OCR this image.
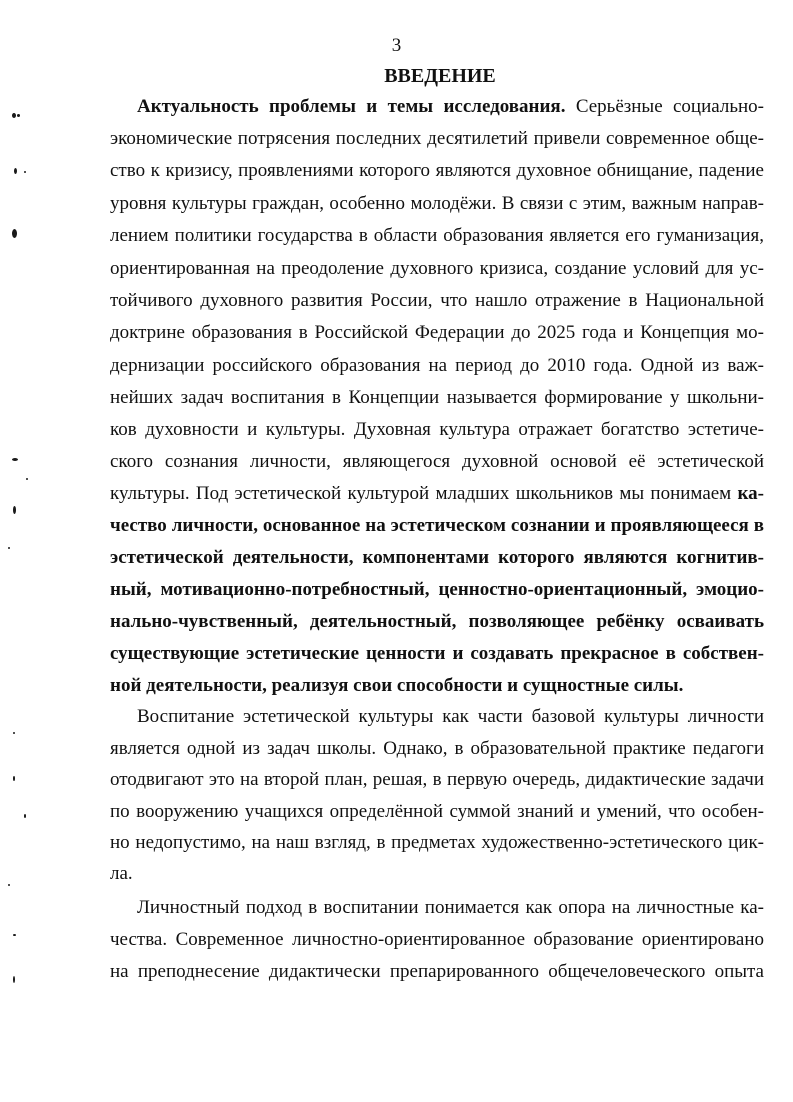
3
ВВЕДЕНИЕ
Актуальность проблемы и темы исследования. Серьёзные социально-
экономические потрясения последних десятилетий привели современное обще-
ство к кризису, проявлениями которого являются духовное обнищание, падение
уровня культуры граждан, особенно молодёжи. В связи с этим, важным направ-
лением политики государства в области образования является его гуманизация,
ориентированная на преодоление духовного кризиса, создание условий для ус-
тойчивого духовного развития России, что нашло отражение в Национальной
доктрине образования в Российской Федерации до 2025 года и Концепция мо-
дернизации российского образования на период до 2010 года. Одной из важ-
нейших задач воспитания в Концепции называется формирование у школьни-
ков духовности и культуры. Духовная культура отражает богатство эстетиче-
ского сознания личности, являющегося духовной основой её эстетической
культуры. Под эстетической культурой младших школьников мы понимаем ка-
чество личности, основанное на эстетическом сознании и проявляющееся в
эстетической деятельности, компонентами которого являются когнитив-
ный, мотивационно-потребностный, ценностно-ориентационный, эмоцио-
нально-чувственный, деятельностный, позволяющее ребёнку осваивать
существующие эстетические ценности и создавать прекрасное в собствен-
ной деятельности, реализуя свои способности и сущностные силы.
Воспитание эстетической культуры как части базовой культуры личности
является одной из задач школы. Однако, в образовательной практике педагоги
отодвигают это на второй план, решая, в первую очередь, дидактические задачи
по вооружению учащихся определённой суммой знаний и умений, что особен-
но недопустимо, на наш взгляд, в предметах художественно-эстетического цик-
ла.
Личностный подход в воспитании понимается как опора на личностные ка-
чества. Современное личностно-ориентированное образование ориентировано
на преподнесение дидактически препарированного общечеловеческого опыта
